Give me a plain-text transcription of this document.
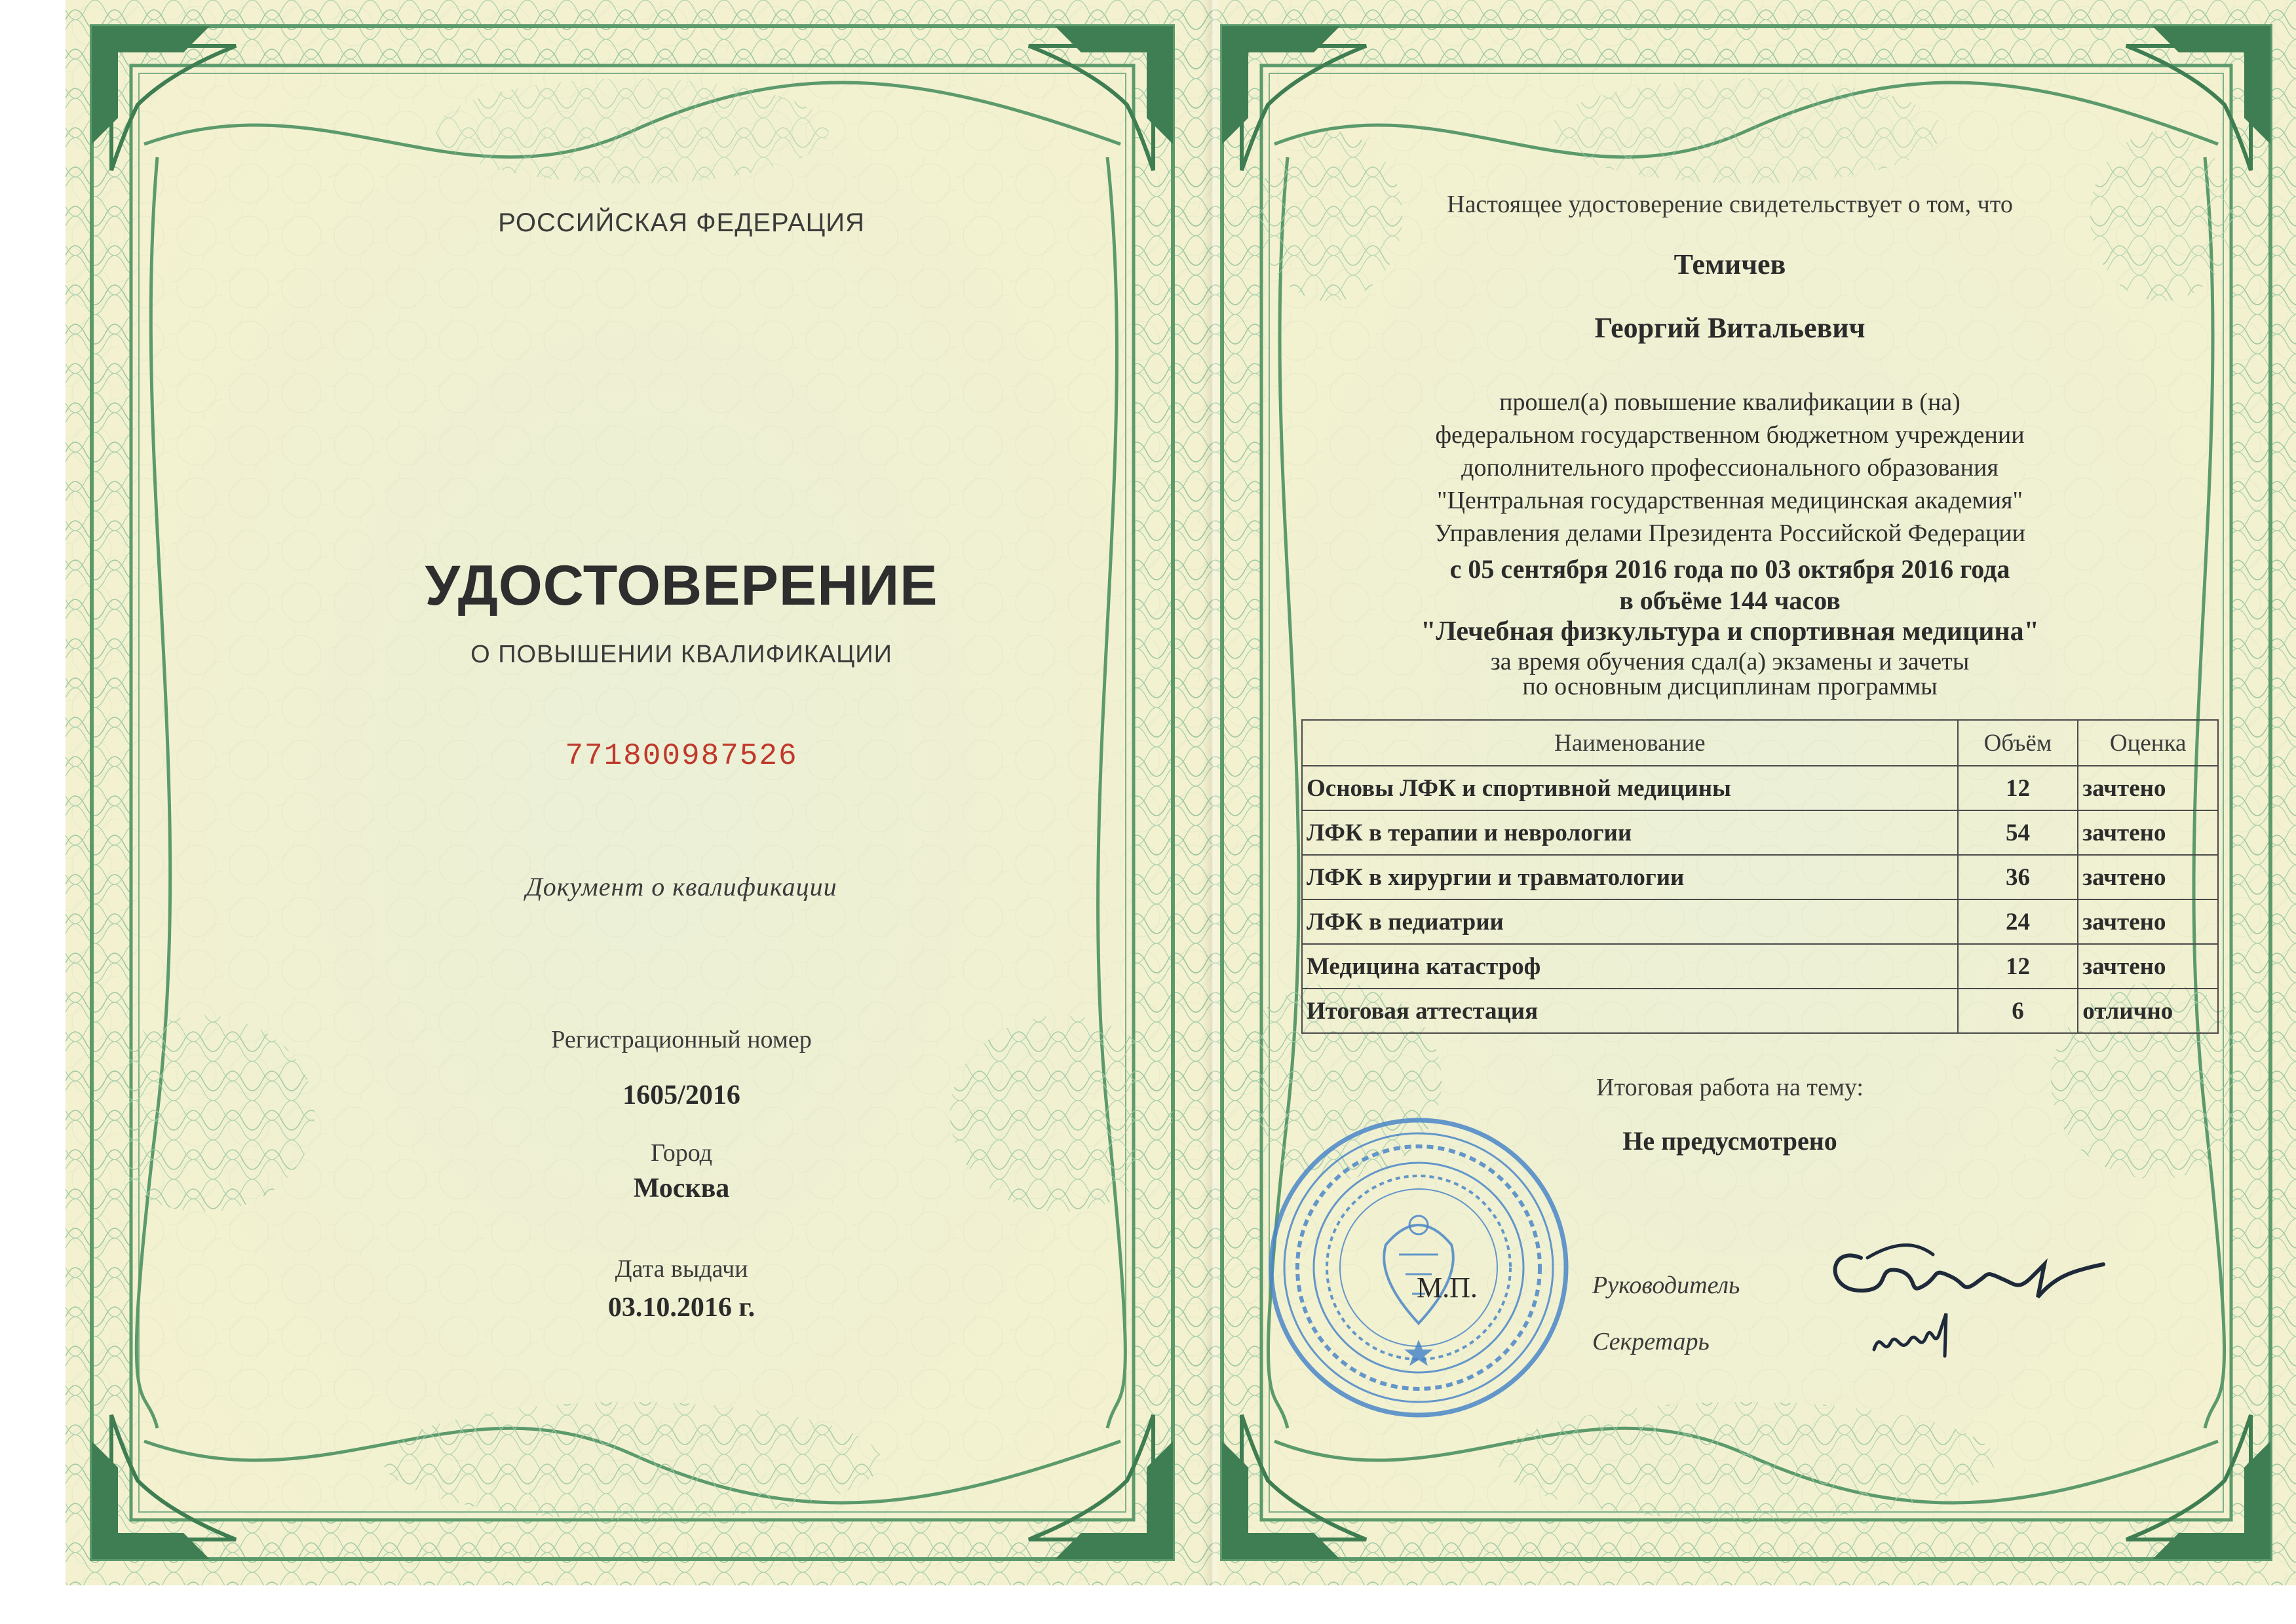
РОССИЙСКАЯ ФЕДЕРАЦИЯ
УДОСТОВЕРЕНИЕ
О ПОВЫШЕНИИ КВАЛИФИКАЦИИ
771800987526
Документ о квалификации
Регистрационный номер
1605/2016
Город
Москва
Дата выдачи
03.10.2016 г.
Настоящее удостоверение свидетельствует о том, что
Темичев
Георгий Витальевич
прошел(а) повышение квалификации в (на)
федеральном государственном бюджетном учреждении
дополнительного профессионального образования
"Центральная государственная медицинская академия"
Управления делами Президента Российской Федерации
с 05 сентября 2016 года по 03 октября 2016 года
в объёме 144 часов
"Лечебная физкультура и спортивная медицина"
за время обучения сдал(а) экзамены и зачеты
по основным дисциплинам программы
Наименование	Объём	Оценка
Основы ЛФК и спортивной медицины	12	зачтено
ЛФК в терапии и неврологии	54	зачтено
ЛФК в хирургии и травматологии	36	зачтено
ЛФК в педиатрии	24	зачтено
Медицина катастроф	12	зачтено
Итоговая аттестация	6	отлично
Итоговая работа на тему:
Не предусмотрено
М.П.	Руководитель
Секретарь
